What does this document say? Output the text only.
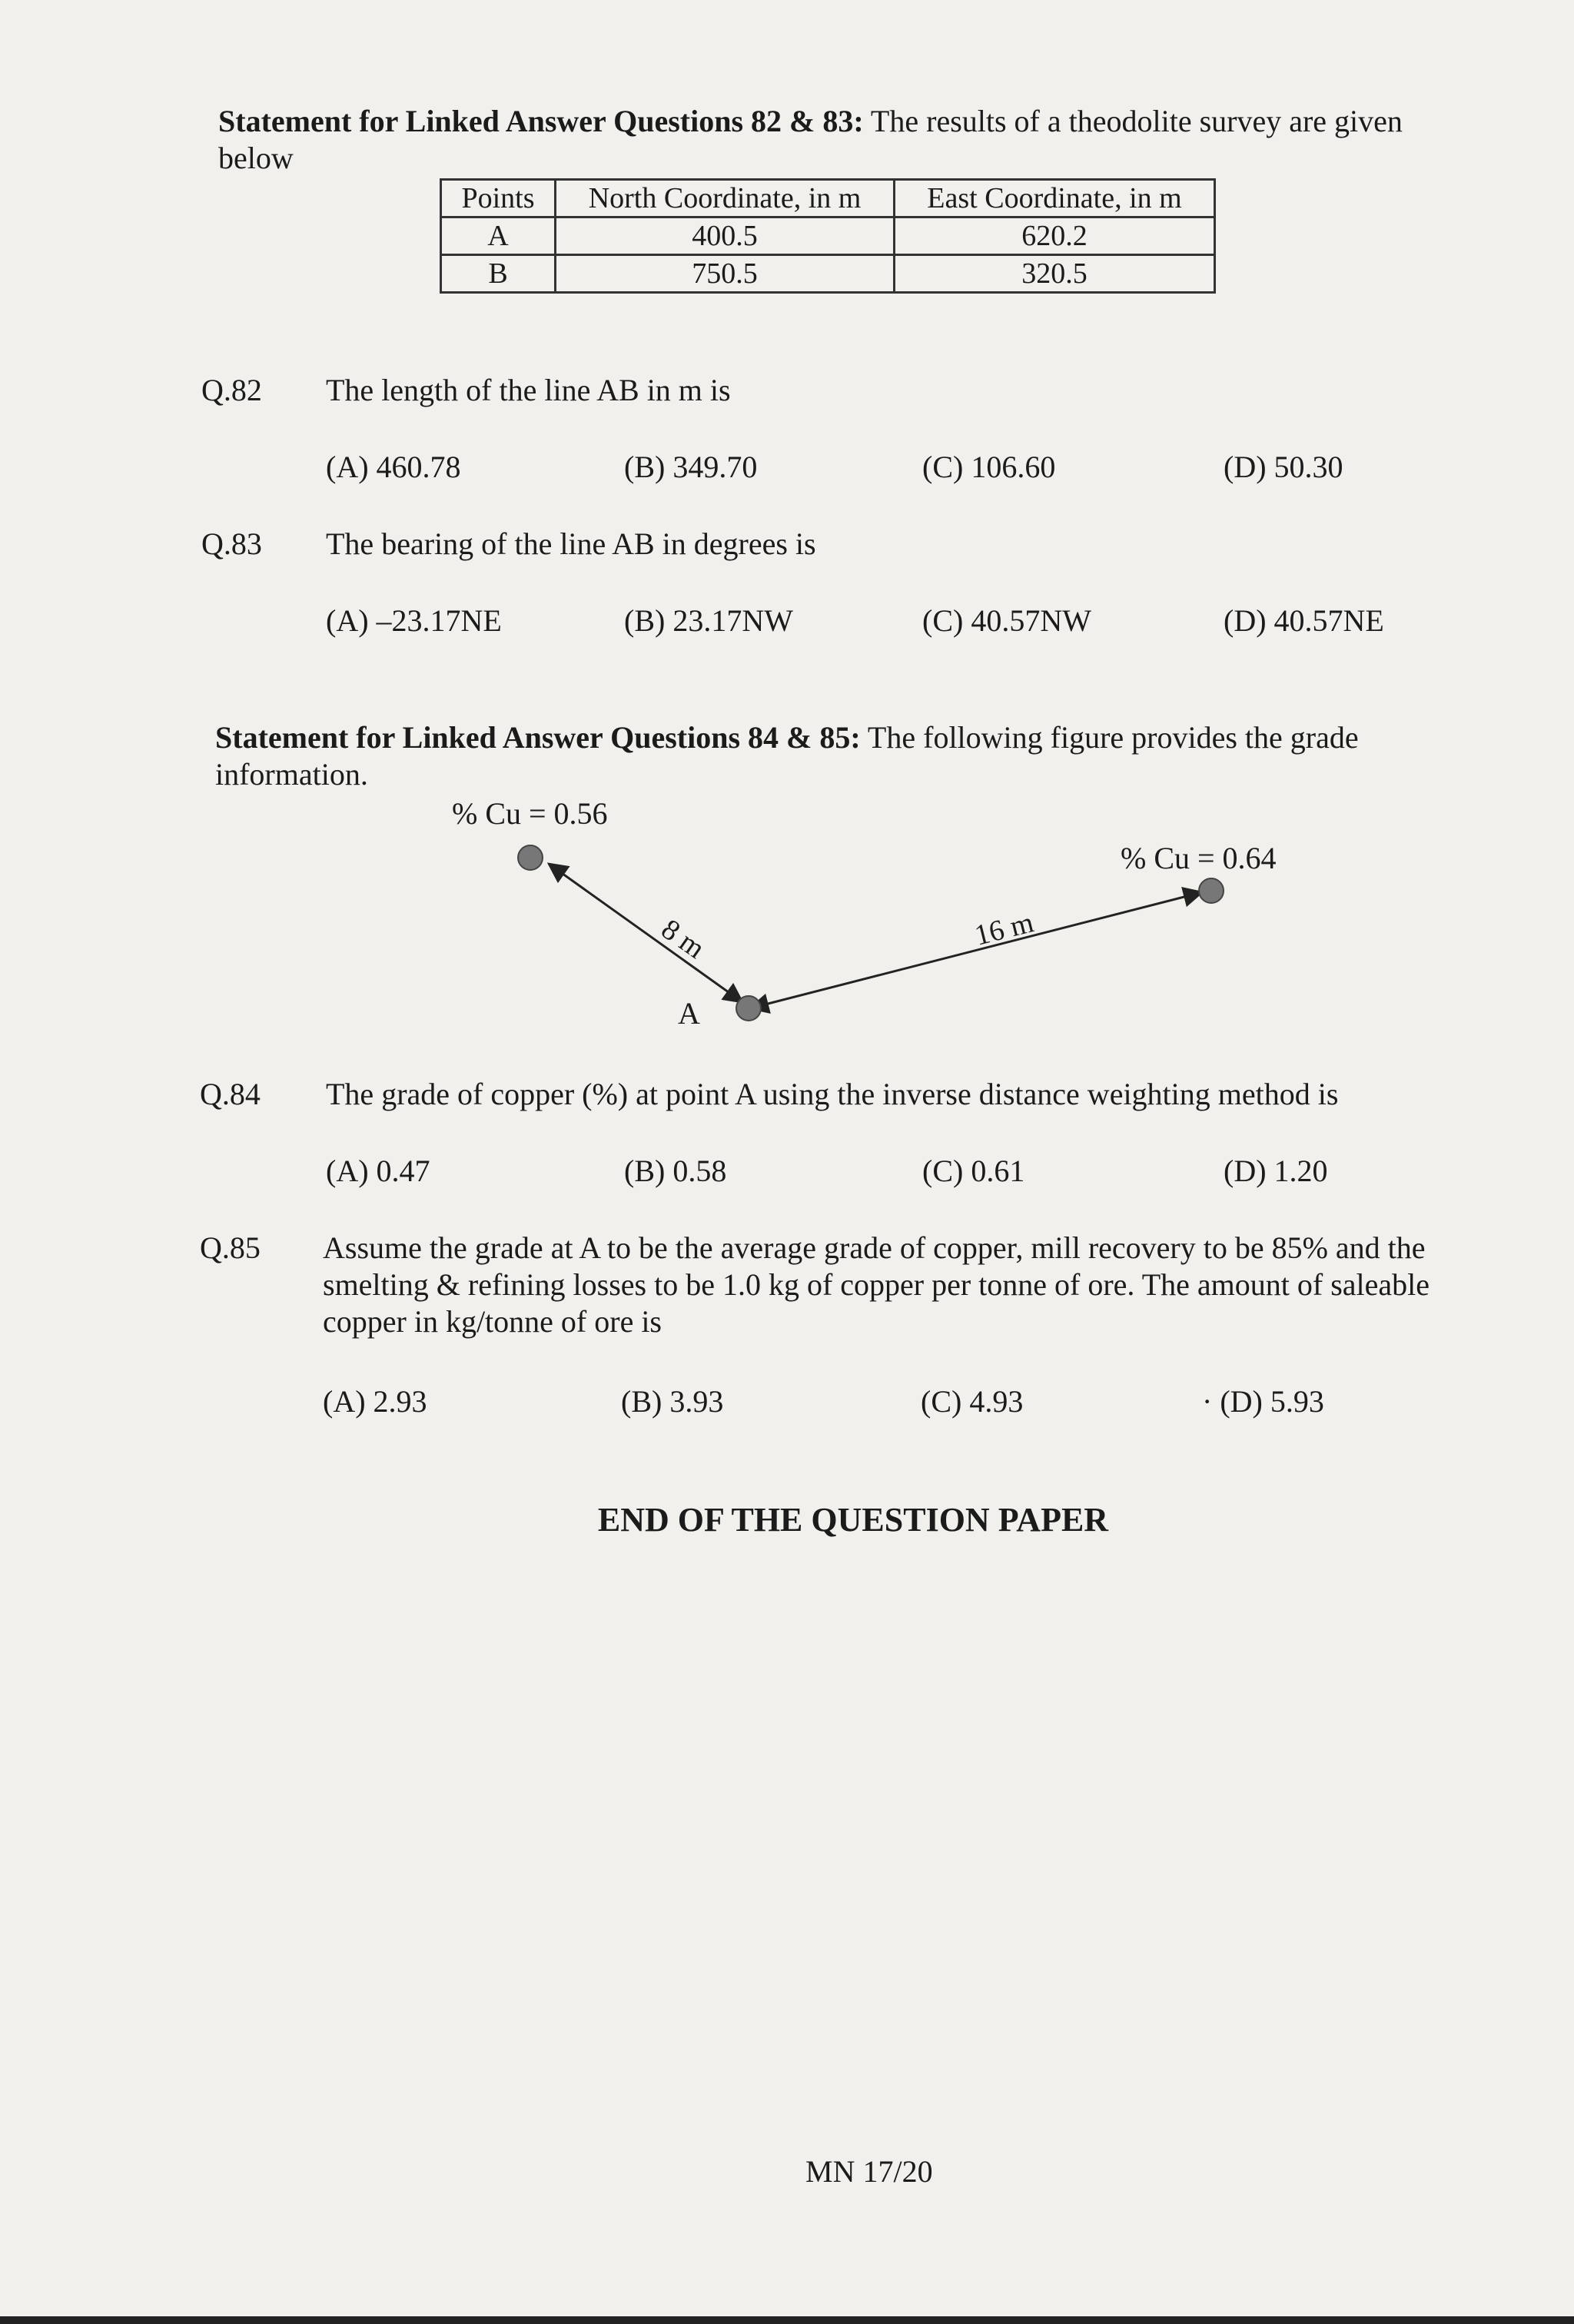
Statement for Linked Answer Questions 82 & 83: The results of a theodolite survey are given below
Points	North Coordinate, in m	East Coordinate, in m
A	400.5	620.2
B	750.5	320.5
Q.82 The length of the line AB in m is
(A) 460.78	(B) 349.70	(C) 106.60	(D) 50.30
Q.83 The bearing of the line AB in degrees is
(A) –23.17NE	(B) 23.17NW	(C) 40.57NW	(D) 40.57NE
Statement for Linked Answer Questions 84 & 85: The following figure provides the grade information.
% Cu = 0.56
% Cu = 0.64
8 m	16 m
A
Q.84 The grade of copper (%) at point A using the inverse distance weighting method is
(A) 0.47	(B) 0.58	(C) 0.61	(D) 1.20
Q.85 Assume the grade at A to be the average grade of copper, mill recovery to be 85% and the smelting & refining losses to be 1.0 kg of copper per tonne of ore. The amount of saleable copper in kg/tonne of ore is
(A) 2.93	(B) 3.93	(C) 4.93	· (D) 5.93
END OF THE QUESTION PAPER
MN 17/20
